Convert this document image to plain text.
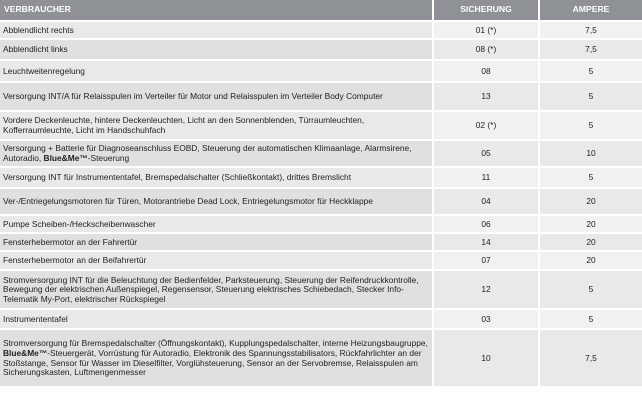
VERBRAUCHER	SICHERUNG	AMPERE
Abblendlicht rechts	01 (*)	7,5
Abblendlicht links	08 (*)	7,5
Leuchtweitenregelung	08	5
Versorgung INT/A für Relaisspulen im Verteiler für Motor und Relaisspulen im Verteiler Body Computer	13	5
Vordere Deckenleuchte, hintere Deckenleuchten, Licht an den Sonnenblenden, Türraumleuchten, Kofferraumleuchte, Licht im Handschuhfach	02 (*)	5
Versorgung + Batterie für Diagnoseanschluss EOBD, Steuerung der automatischen Klimaanlage, Alarmsirene, Autoradio, Blue&Me™-Steuerung	05	10
Versorgung INT für Instrumententafel, Bremspedalschalter (Schließkontakt), drittes Bremslicht	11	5
Ver-/Entriegelungsmotoren für Türen, Motorantriebe Dead Lock, Entriegelungsmotor für Heckklappe	04	20
Pumpe Scheiben-/Heckscheibenwascher	06	20
Fensterhebermotor an der Fahrertür	14	20
Fensterhebermotor an der Beifahrertür	07	20
Stromversorgung INT für die Beleuchtung der Bedienfelder, Parksteuerung, Steuerung der Reifendruckkontrolle, Bewegung der elektrischen Außenspiegel, Regensensor, Steuerung elektrisches Schiebedach, Stecker Info-Telematik My-Port, elektrischer Rückspiegel	12	5
Instrumententafel	03	5
Stromversorgung für Bremspedalschalter (Öffnungskontakt), Kupplungspedalschalter, interne Heizungsbaugruppe, Blue&Me™-Steuergerät, Vorrüstung für Autoradio, Elektronik des Spannungsstabilisators, Rückfahrlichter an der Stoßstange, Sensor für Wasser im Dieselfilter, Vorglühsteuerung, Sensor an der Servobremse, Relaisspulen am Sicherungskasten, Luftmengenmesser	10	7,5
